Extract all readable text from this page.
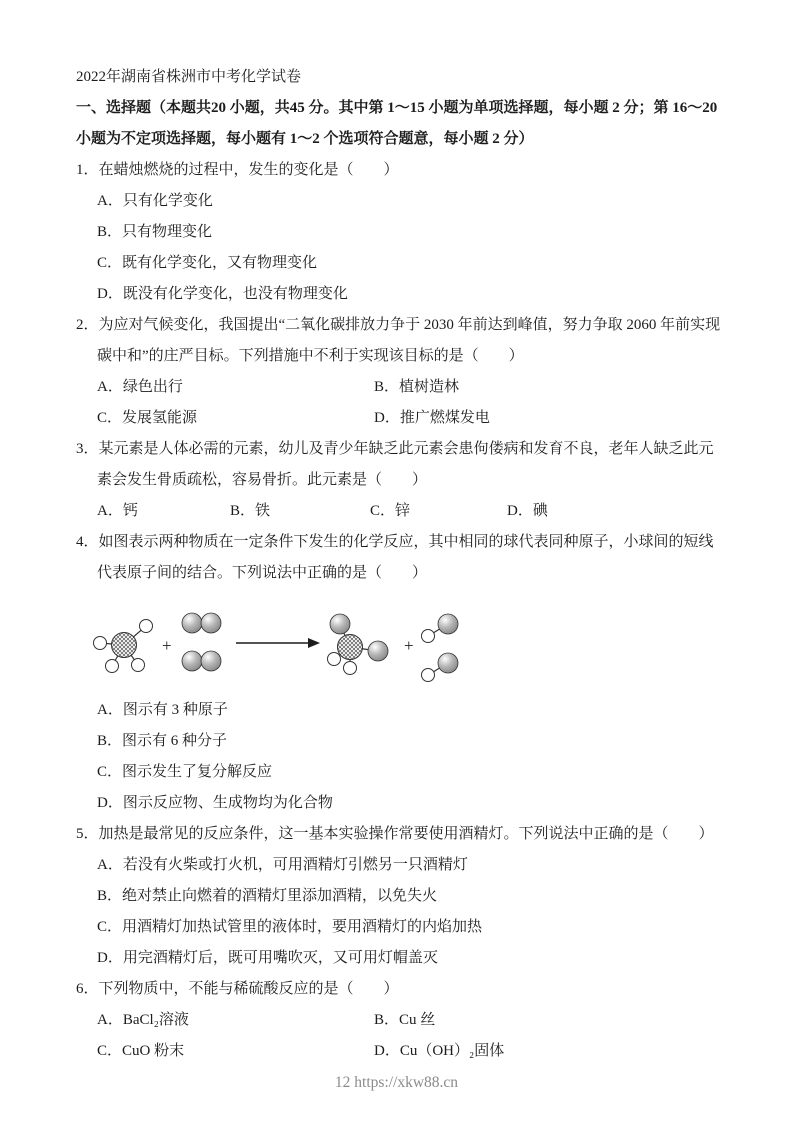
2022年湖南省株洲市中考化学试卷

一、选择题（本题共20 小题，共45 分。其中第 1～15 小题为单项选择题，每小题 2 分；第 16～20 小题为不定项选择题，每小题有 1～2 个选项符合题意，每小题 2 分）

1．在蜡烛燃烧的过程中，发生的变化是（　　）

A．只有化学变化

B．只有物理变化

C．既有化学变化，又有物理变化

D．既没有化学变化，也没有物理变化

2．为应对气候变化，我国提出“二氧化碳排放力争于 2030 年前达到峰值，努力争取 2060 年前实现碳中和”的庄严目标。下列措施中不利于实现该目标的是（　　）

A．绿色出行	B．植树造林

C．发展氢能源	D．推广燃煤发电

3．某元素是人体必需的元素，幼儿及青少年缺乏此元素会患佝偻病和发育不良，老年人缺乏此元素会发生骨质疏松，容易骨折。此元素是（　　）

A．钙	B．铁	C．锌	D．碘

4．如图表示两种物质在一定条件下发生的化学反应，其中相同的球代表同种原子，小球间的短线代表原子间的结合。下列说法中正确的是（　　）

+	+

A．图示有 3 种原子

B．图示有 6 种分子

C．图示发生了复分解反应

D．图示反应物、生成物均为化合物

5．加热是最常见的反应条件，这一基本实验操作常要使用酒精灯。下列说法中正确的是（　　）

A．若没有火柴或打火机，可用酒精灯引燃另一只酒精灯

B．绝对禁止向燃着的酒精灯里添加酒精，以免失火

C．用酒精灯加热试管里的液体时，要用酒精灯的内焰加热

D．用完酒精灯后，既可用嘴吹灭，又可用灯帽盖灭

6．下列物质中，不能与稀硫酸反应的是（　　）

A．BaCl₂溶液	B．Cu 丝

C．CuO 粉末	D．Cu（OH）₂固体

12 https://xkw88.cn
